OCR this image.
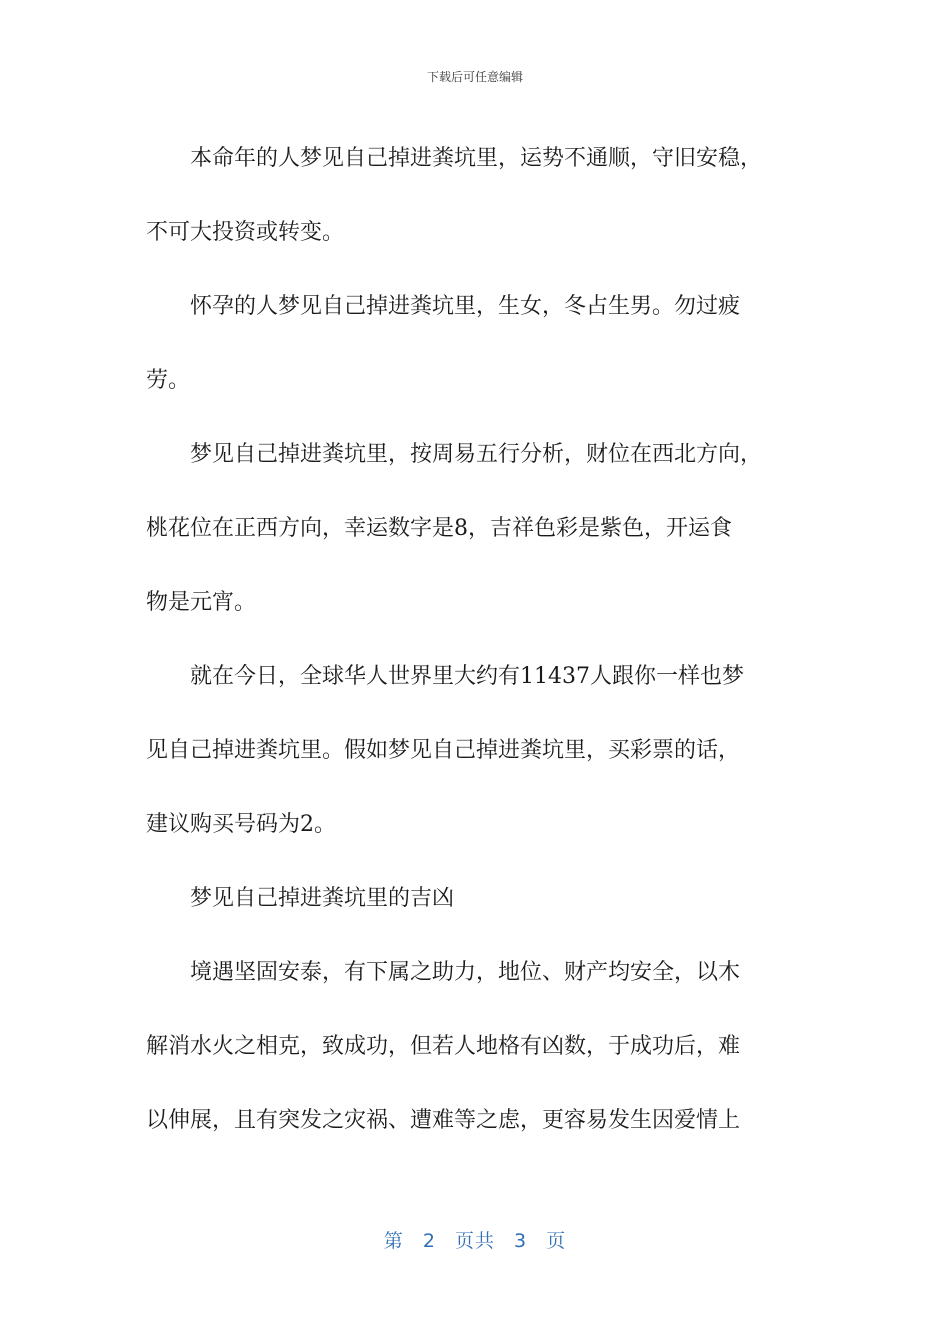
下载后可任意编辑

本命年的人梦见自己掉进粪坑里，运势不通顺，守旧安稳，
不可大投资或转变。

怀孕的人梦见自己掉进粪坑里，生女，冬占生男。勿过疲
劳。

梦见自己掉进粪坑里，按周易五行分析，财位在西北方向，
桃花位在正西方向，幸运数字是8，吉祥色彩是紫色，开运食
物是元宵。

就在今日，全球华人世界里大约有11437人跟你一样也梦
见自己掉进粪坑里。假如梦见自己掉进粪坑里，买彩票的话，
建议购买号码为2。

梦见自己掉进粪坑里的吉凶

境遇坚固安泰，有下属之助力，地位、财产均安全，以木
解消水火之相克，致成功，但若人地格有凶数，于成功后，难
以伸展，且有突发之灾祸、遭难等之虑，更容易发生因爱情上

第 2 页共 3 页
